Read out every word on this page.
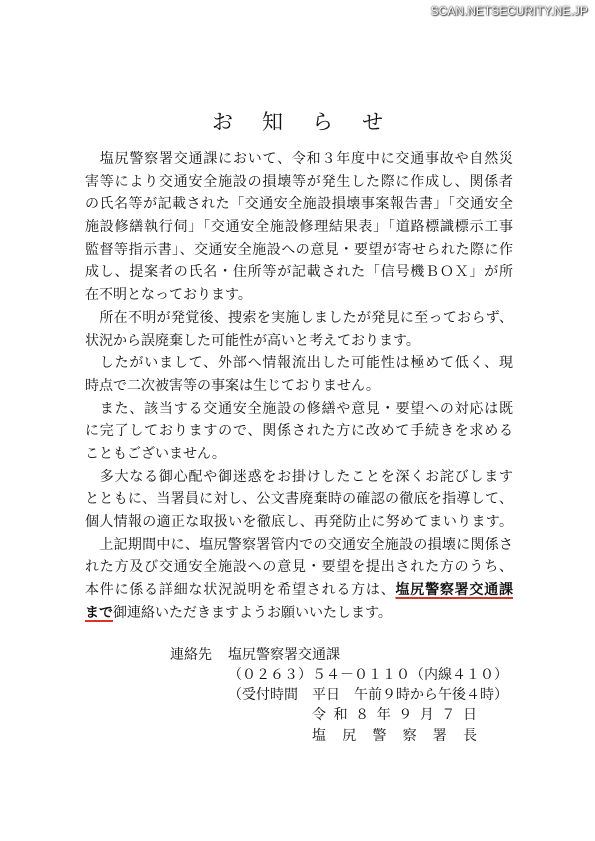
SCAN.NETSECURITY.NE.JP
お　知　ら　せ
　塩尻警察署交通課において、令和３年度中に交通事故や自然災
害等により交通安全施設の損壊等が発生した際に作成し、関係者
の氏名等が記載された「交通安全施設損壊事案報告書」「交通安全
施設修繕執行伺」「交通安全施設修理結果表」「道路標識標示工事
監督等指示書」、交通安全施設への意見・要望が寄せられた際に作
成し、提案者の氏名・住所等が記載された「信号機ＢＯＸ」が所
在不明となっております。
　所在不明が発覚後、捜索を実施しましたが発見に至っておらず、
状況から誤廃棄した可能性が高いと考えております。
　したがいまして、外部へ情報流出した可能性は極めて低く、現
時点で二次被害等の事案は生じておりません。
　また、該当する交通安全施設の修繕や意見・要望への対応は既
に完了しておりますので、関係された方に改めて手続きを求める
こともございません。
　多大なる御心配や御迷惑をお掛けしたことを深くお詫びします
とともに、当署員に対し、公文書廃棄時の確認の徹底を指導して、
個人情報の適正な取扱いを徹底し、再発防止に努めてまいります。
　上記期間中に、塩尻警察署管内での交通安全施設の損壊に関係さ
れた方及び交通安全施設への意見・要望を提出された方のうち、
本件に係る詳細な状況説明を希望される方は、塩尻警察署交通課
まで御連絡いただきますようお願いいたします。
連絡先 塩尻警察署交通課
（０２６３）５４－０１１０（内線４１０）
（受付時間　平日　午前９時から午後４時）
令 和 ８ 年 ９ 月 ７ 日
塩 尻 警 察 署 長
